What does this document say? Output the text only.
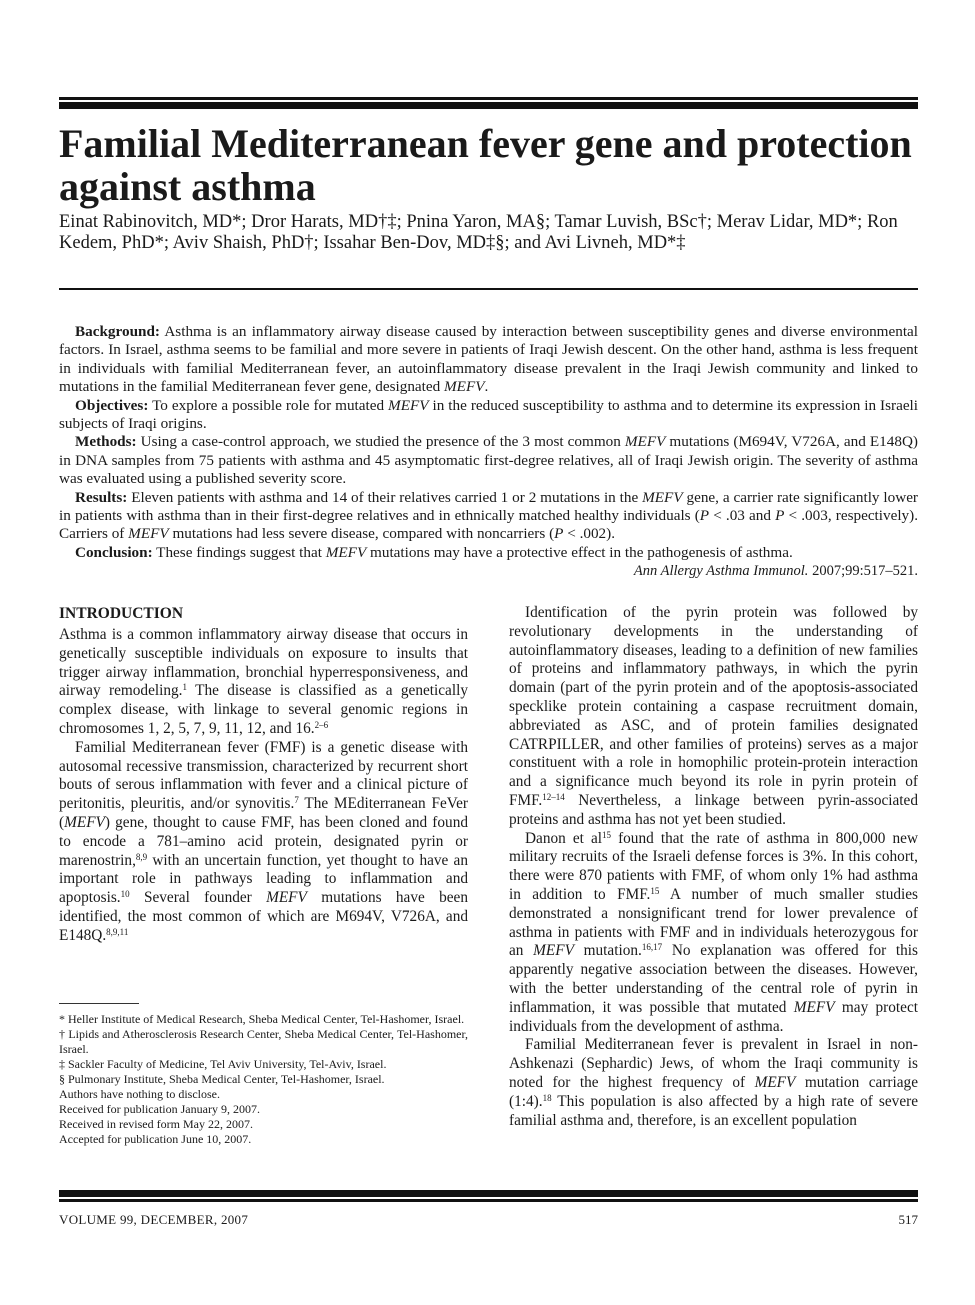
Familial Mediterranean fever gene and protection against asthma

Einat Rabinovitch, MD*; Dror Harats, MD†‡; Pnina Yaron, MA§; Tamar Luvish, BSc†; Merav Lidar, MD*; Ron Kedem, PhD*; Aviv Shaish, PhD†; Issahar Ben-Dov, MD‡§; and Avi Livneh, MD*‡

Background: Asthma is an inflammatory airway disease caused by interaction between susceptibility genes and diverse environmental factors. In Israel, asthma seems to be familial and more severe in patients of Iraqi Jewish descent. On the other hand, asthma is less frequent in individuals with familial Mediterranean fever, an autoinflammatory disease prevalent in the Iraqi Jewish community and linked to mutations in the familial Mediterranean fever gene, designated MEFV.

Objectives: To explore a possible role for mutated MEFV in the reduced susceptibility to asthma and to determine its expression in Israeli subjects of Iraqi origins.

Methods: Using a case-control approach, we studied the presence of the 3 most common MEFV mutations (M694V, V726A, and E148Q) in DNA samples from 75 patients with asthma and 45 asymptomatic first-degree relatives, all of Iraqi Jewish origin. The severity of asthma was evaluated using a published severity score.

Results: Eleven patients with asthma and 14 of their relatives carried 1 or 2 mutations in the MEFV gene, a carrier rate significantly lower in patients with asthma than in their first-degree relatives and in ethnically matched healthy individuals (P < .03 and P < .003, respectively). Carriers of MEFV mutations had less severe disease, compared with noncarriers (P < .002).

Conclusion: These findings suggest that MEFV mutations may have a protective effect in the pathogenesis of asthma.

Ann Allergy Asthma Immunol. 2007;99:517–521.

INTRODUCTION

Asthma is a common inflammatory airway disease that occurs in genetically susceptible individuals on exposure to insults that trigger airway inflammation, bronchial hyperresponsiveness, and airway remodeling.$^1$ The disease is classified as a genetically complex disease, with linkage to several genomic regions in chromosomes 1, 2, 5, 7, 9, 11, 12, and 16.$^{2-6}$

Familial Mediterranean fever (FMF) is a genetic disease with autosomal recessive transmission, characterized by recurrent short bouts of serous inflammation with fever and a clinical picture of peritonitis, pleuritis, and/or synovitis.$^7$ The MEditerranean FeVer (MEFV) gene, thought to cause FMF, has been cloned and found to encode a 781–amino acid protein, designated pyrin or marenostrin,$^{8,9}$ with an uncertain function, yet thought to have an important role in pathways leading to inflammation and apoptosis.$^{10}$ Several founder MEFV mutations have been identified, the most common of which are M694V, V726A, and E148Q.$^{8,9,11}$

* Heller Institute of Medical Research, Sheba Medical Center, Tel-Hashomer, Israel.
† Lipids and Atherosclerosis Research Center, Sheba Medical Center, Tel-Hashomer, Israel.
‡ Sackler Faculty of Medicine, Tel Aviv University, Tel-Aviv, Israel.
§ Pulmonary Institute, Sheba Medical Center, Tel-Hashomer, Israel.
Authors have nothing to disclose.
Received for publication January 9, 2007.
Received in revised form May 22, 2007.
Accepted for publication June 10, 2007.

Identification of the pyrin protein was followed by revolutionary developments in the understanding of autoinflammatory diseases, leading to a definition of new families of proteins and inflammatory pathways, in which the pyrin domain (part of the pyrin protein and of the apoptosis-associated specklike protein containing a caspase recruitment domain, abbreviated as ASC, and of protein families designated CATRPILLER, and other families of proteins) serves as a major constituent with a role in homophilic protein-protein interaction and a significance much beyond its role in pyrin protein of FMF.$^{12-14}$ Nevertheless, a linkage between pyrin-associated proteins and asthma has not yet been studied.

Danon et $al^{15}$ found that the rate of asthma in 800,000 new military recruits of the Israeli defense forces is 3%. In this cohort, there were 870 patients with FMF, of whom only 1% had asthma in addition to FMF.$^{15}$ A number of much smaller studies demonstrated a nonsignificant trend for lower prevalence of asthma in patients with FMF and in individuals heterozygous for an MEFV mutation.$^{16,17}$ No explanation was offered for this apparently negative association between the diseases. However, with the better understanding of the central role of pyrin in inflammation, it was possible that mutated MEFV may protect individuals from the development of asthma.

Familial Mediterranean fever is prevalent in Israel in non-Ashkenazi (Sephardic) Jews, of whom the Iraqi community is noted for the highest frequency of MEFV mutation carriage (1:4).$^{18}$ This population is also affected by a high rate of severe familial asthma and, therefore, is an excellent population

VOLUME 99, DECEMBER, 2007	517
